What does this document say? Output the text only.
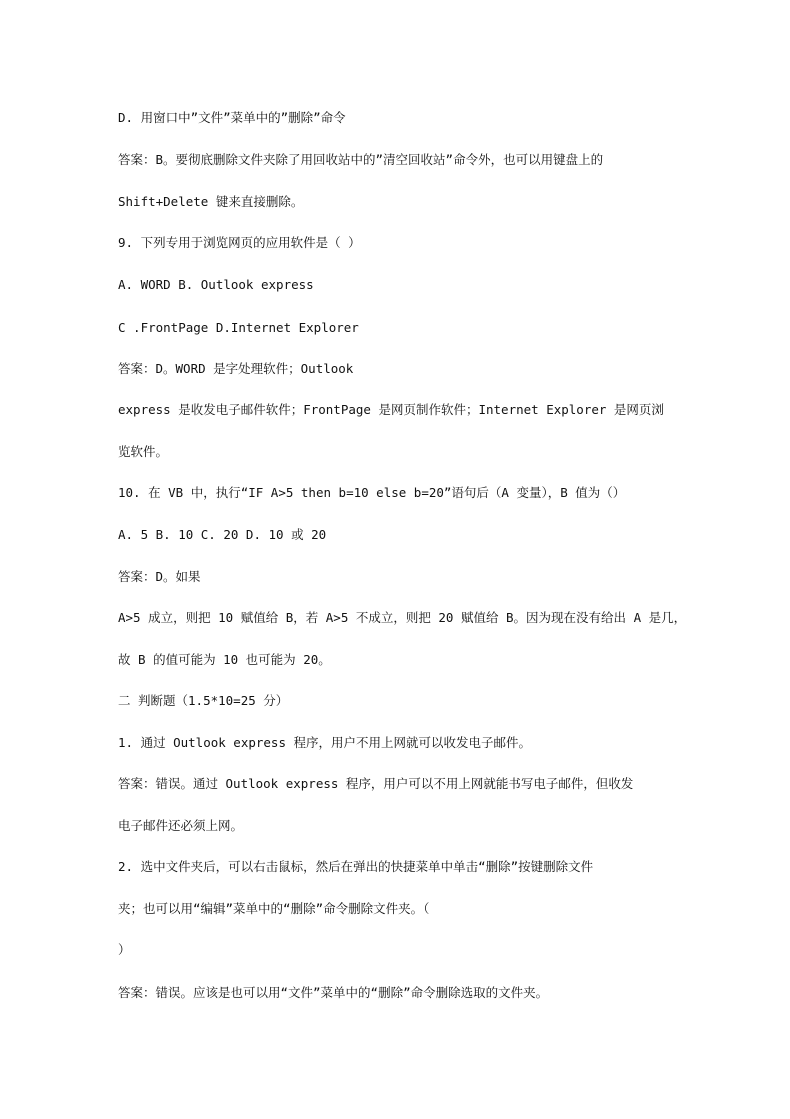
D. 用窗口中”文件”菜单中的”删除”命令
答案：B。要彻底删除文件夹除了用回收站中的”清空回收站”命令外，也可以用键盘上的
Shift+Delete 键来直接删除。
9. 下列专用于浏览网页的应用软件是（ ）
A. WORD B. Outlook express
C .FrontPage D.Internet Explorer
答案：D。WORD 是字处理软件；Outlook
express 是收发电子邮件软件；FrontPage 是网页制作软件；Internet Explorer 是网页浏
览软件。
10. 在 VB 中，执行“IF A>5 then b=10 else b=20”语句后（A 变量），B 值为（）
A. 5 B. 10 C. 20 D. 10 或 20
答案：D。如果
A>5 成立，则把 10 赋值给 B，若 A>5 不成立，则把 20 赋值给 B。因为现在没有给出 A 是几，
故 B 的值可能为 10 也可能为 20。
二 判断题（1.5*10=25 分）
1. 通过 Outlook express 程序，用户不用上网就可以收发电子邮件。
答案：错误。通过 Outlook express 程序，用户可以不用上网就能书写电子邮件，但收发
电子邮件还必须上网。
2. 选中文件夹后，可以右击鼠标，然后在弹出的快捷菜单中单击“删除”按键删除文件
夹；也可以用“编辑”菜单中的“删除”命令删除文件夹。（
）
答案：错误。应该是也可以用“文件”菜单中的“删除”命令删除选取的文件夹。
